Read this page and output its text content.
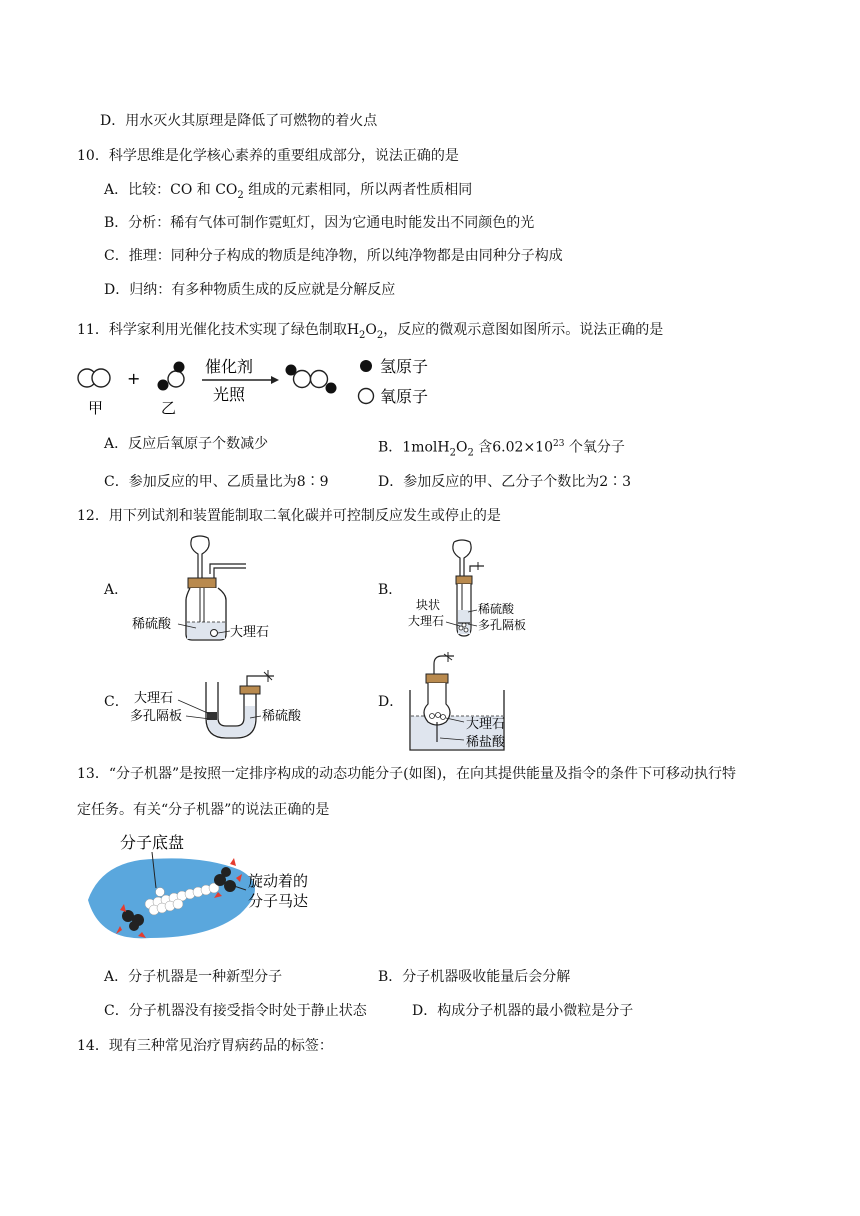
D．用水灭火其原理是降低了可燃物的着火点
10．科学思维是化学核心素养的重要组成部分，说法正确的是
A．比较：CO 和 $CO_2$ 组成的元素相同，所以两者性质相同
B．分析：稀有气体可制作霓虹灯，因为它通电时能发出不同颜色的光
C．推理：同种分子构成的物质是纯净物，所以纯净物都是由同种分子构成
D．归纳：有多种物质生成的反应就是分解反应
11．科学家利用光催化技术实现了绿色制取$H_2O_2$，反应的微观示意图如图所示。说法正确的是
甲
+
乙
催化剂
光照
氢原子
氧原子
A．反应后氧原子个数减少	B．$1molH_2O_2$ 含$6.02\times 10^{23}$ 个氧分子
C．参加反应的甲、乙质量比为8∶9	D．参加反应的甲、乙分子个数比为2∶3
12．用下列试剂和装置能制取二氧化碳并可控制反应发生或停止的是
A．
稀硫酸
大理石
B．
块状
大理石
稀硫酸
多孔隔板
C． 大理石
多孔隔板	稀硫酸
D．
大理石
稀盐酸
13．“分子机器”是按照一定排序构成的动态功能分子(如图)，在向其提供能量及指令的条件下可移动执行特
定任务。有关“分子机器”的说法正确的是
分子底盘
旋动着的
分子马达
A．分子机器是一种新型分子	B．分子机器吸收能量后会分解
C．分子机器没有接受指令时处于静止状态	D．构成分子机器的最小微粒是分子
14．现有三种常见治疗胃病药品的标签：
